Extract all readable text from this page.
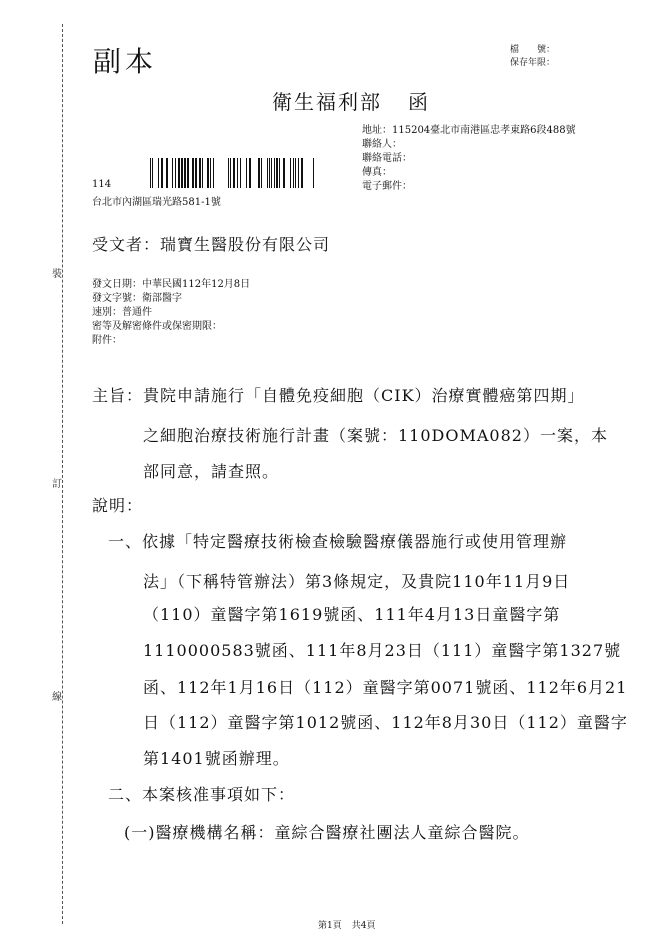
裝
訂
線
副本	檔　　號：
保存年限：
衛生福利部 函
地址：115204臺北市南港區忠孝東路6段488號
聯絡人：
聯絡電話：
傳真：
電子郵件：
114
台北市內湖區瑞光路581-1號
受文者：瑞寶生醫股份有限公司
發文日期：中華民國112年12月8日
發文字號：衛部醫字
速別：普通件
密等及解密條件或保密期限：
附件：
主旨：貴院申請施行「自體免疫細胞（CIK）治療實體癌第四期」
之細胞治療技術施行計畫（案號：110DOMA082）一案，本
部同意，請查照。
說明：
一、依據「特定醫療技術檢查檢驗醫療儀器施行或使用管理辦
法」（下稱特管辦法）第3條規定，及貴院110年11月9日
（110）童醫字第1619號函、111年4月13日童醫字第
1110000583號函、111年8月23日（111）童醫字第1327號
函、112年1月16日（112）童醫字第0071號函、112年6月21
日（112）童醫字第1012號函、112年8月30日（112）童醫字
第1401號函辦理。
二、本案核准事項如下：
(一)醫療機構名稱：童綜合醫療社團法人童綜合醫院。
第1頁 共4頁
